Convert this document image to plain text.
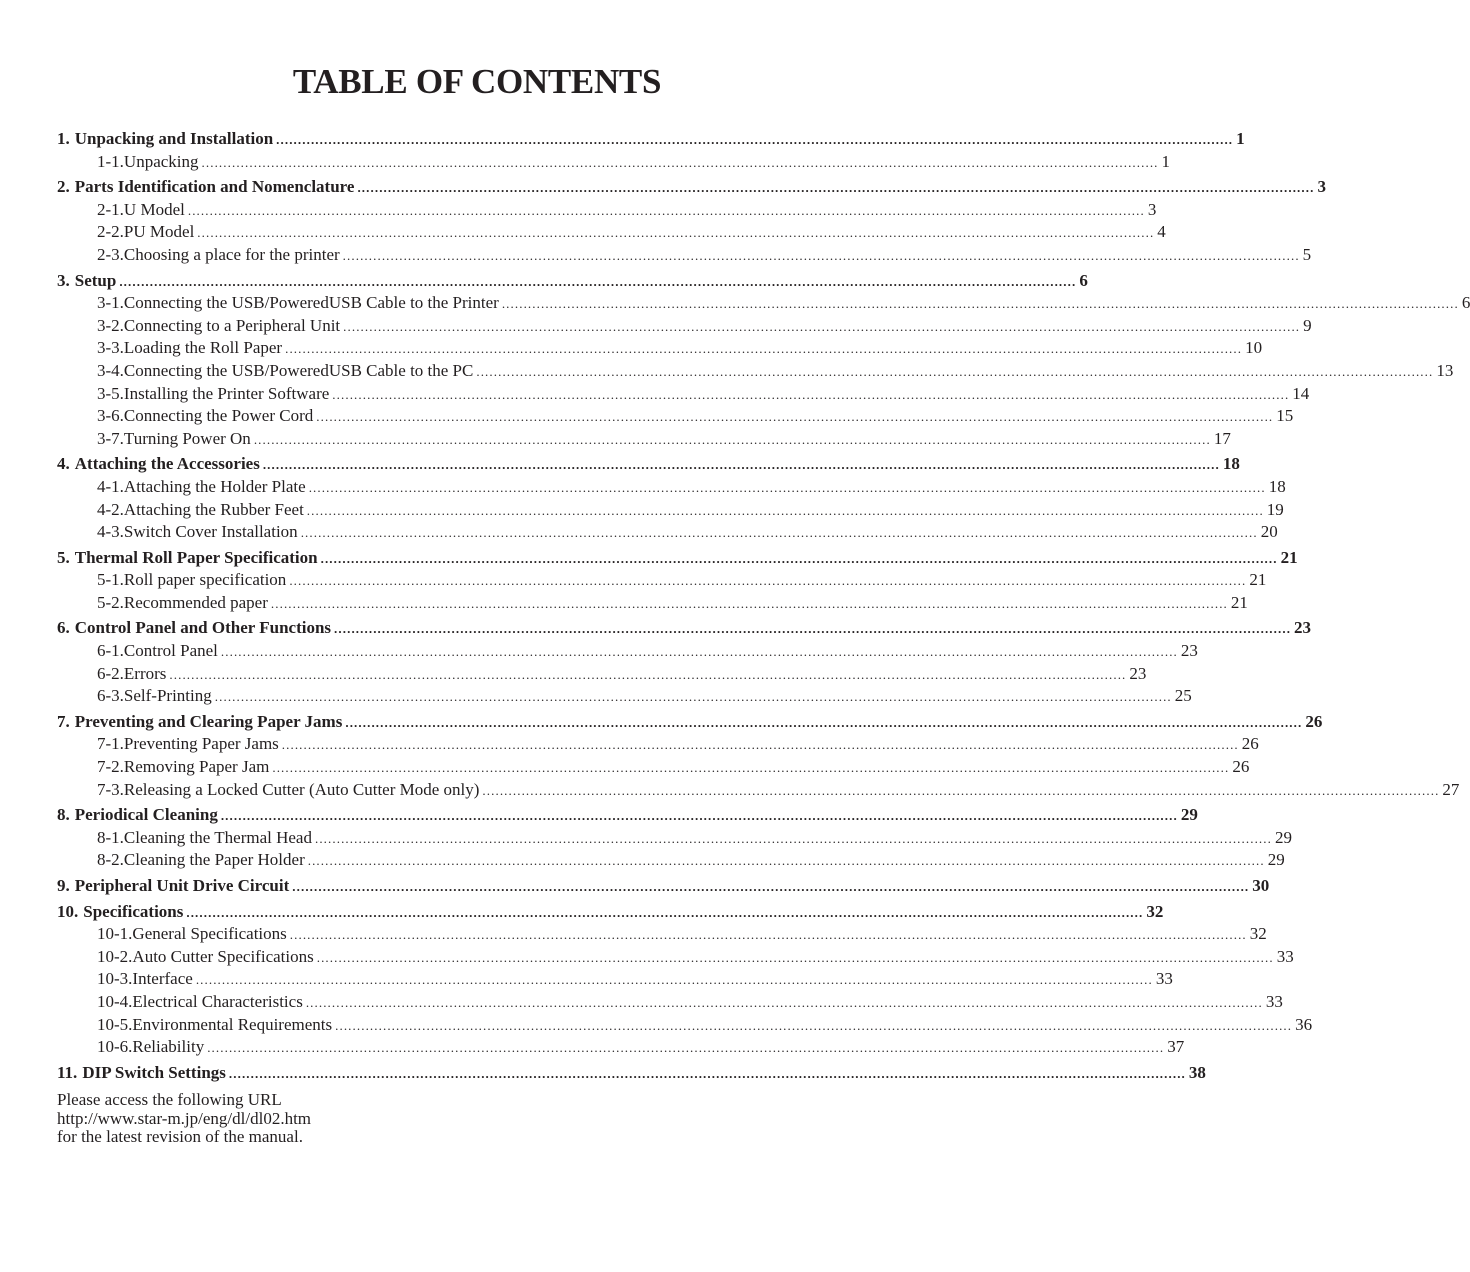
TABLE OF CONTENTS
1. Unpacking and Installation ............................................................................................................................................................................................................................ 1
1-1. Unpacking ............................................................................................................................................................................................................................ 1
2. Parts Identification and Nomenclature ............................................................................................................................................................................................................................ 3
2-1. U Model ............................................................................................................................................................................................................................ 3
2-2. PU Model ............................................................................................................................................................................................................................ 4
2-3. Choosing a place for the printer ............................................................................................................................................................................................................................ 5
3. Setup ............................................................................................................................................................................................................................ 6
3-1. Connecting the USB/PoweredUSB Cable to the Printer ............................................................................................................................................................................................................................ 6
3-2. Connecting to a Peripheral Unit ............................................................................................................................................................................................................................ 9
3-3. Loading the Roll Paper ............................................................................................................................................................................................................................ 10
3-4. Connecting the USB/PoweredUSB Cable to the PC ............................................................................................................................................................................................................................ 13
3-5. Installing the Printer Software ............................................................................................................................................................................................................................ 14
3-6. Connecting the Power Cord ............................................................................................................................................................................................................................ 15
3-7. Turning Power On ............................................................................................................................................................................................................................ 17
4. Attaching the Accessories ............................................................................................................................................................................................................................ 18
4-1. Attaching the Holder Plate ............................................................................................................................................................................................................................ 18
4-2. Attaching the Rubber Feet ............................................................................................................................................................................................................................ 19
4-3. Switch Cover Installation ............................................................................................................................................................................................................................ 20
5. Thermal Roll Paper Specification ............................................................................................................................................................................................................................ 21
5-1. Roll paper specification ............................................................................................................................................................................................................................ 21
5-2. Recommended paper ............................................................................................................................................................................................................................ 21
6. Control Panel and Other Functions ............................................................................................................................................................................................................................ 23
6-1. Control Panel ............................................................................................................................................................................................................................ 23
6-2. Errors ............................................................................................................................................................................................................................ 23
6-3. Self-Printing ............................................................................................................................................................................................................................ 25
7. Preventing and Clearing Paper Jams ............................................................................................................................................................................................................................ 26
7-1. Preventing Paper Jams ............................................................................................................................................................................................................................ 26
7-2. Removing Paper Jam ............................................................................................................................................................................................................................ 26
7-3. Releasing a Locked Cutter (Auto Cutter Mode only) ............................................................................................................................................................................................................................ 27
8. Periodical Cleaning ............................................................................................................................................................................................................................ 29
8-1. Cleaning the Thermal Head ............................................................................................................................................................................................................................ 29
8-2. Cleaning the Paper Holder ............................................................................................................................................................................................................................ 29
9. Peripheral Unit Drive Circuit ............................................................................................................................................................................................................................ 30
10. Specifications ............................................................................................................................................................................................................................ 32
10-1. General Specifications ............................................................................................................................................................................................................................ 32
10-2. Auto Cutter Specifications ............................................................................................................................................................................................................................ 33
10-3. Interface ............................................................................................................................................................................................................................ 33
10-4. Electrical Characteristics ............................................................................................................................................................................................................................ 33
10-5. Environmental Requirements ............................................................................................................................................................................................................................ 36
10-6. Reliability ............................................................................................................................................................................................................................ 37
11. DIP Switch Settings ............................................................................................................................................................................................................................ 38
Please access the following URL
http://www.star-m.jp/eng/dl/dl02.htm
for the latest revision of the manual.
